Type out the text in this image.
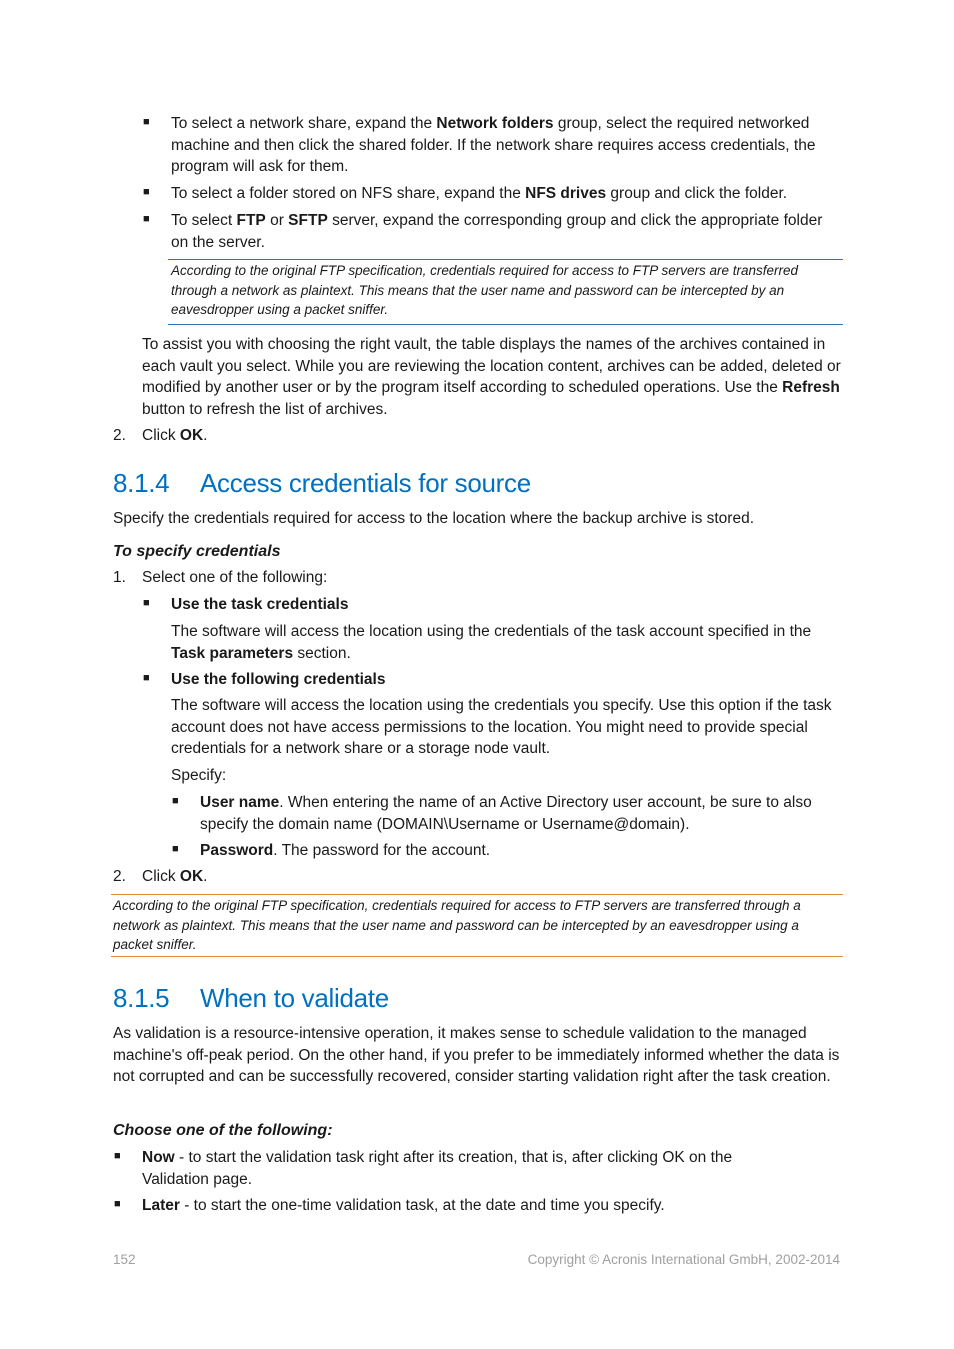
■ To select a network share, expand the Network folders group, select the required networked machine and then click the shared folder. If the network share requires access credentials, the program will ask for them.
■ To select a folder stored on NFS share, expand the NFS drives group and click the folder.
■ To select FTP or SFTP server, expand the corresponding group and click the appropriate folder on the server.
According to the original FTP specification, credentials required for access to FTP servers are transferred through a network as plaintext. This means that the user name and password can be intercepted by an eavesdropper using a packet sniffer.
To assist you with choosing the right vault, the table displays the names of the archives contained in each vault you select. While you are reviewing the location content, archives can be added, deleted or modified by another user or by the program itself according to scheduled operations. Use the Refresh button to refresh the list of archives.
2. Click OK.
8.1.4 Access credentials for source
Specify the credentials required for access to the location where the backup archive is stored.
To specify credentials
1. Select one of the following:
■ Use the task credentials
The software will access the location using the credentials of the task account specified in the Task parameters section.
■ Use the following credentials
The software will access the location using the credentials you specify. Use this option if the task account does not have access permissions to the location. You might need to provide special credentials for a network share or a storage node vault.
Specify:
■ User name. When entering the name of an Active Directory user account, be sure to also specify the domain name (DOMAIN\Username or Username@domain).
■ Password. The password for the account.
2. Click OK.
According to the original FTP specification, credentials required for access to FTP servers are transferred through a network as plaintext. This means that the user name and password can be intercepted by an eavesdropper using a packet sniffer.
8.1.5 When to validate
As validation is a resource-intensive operation, it makes sense to schedule validation to the managed machine's off-peak period. On the other hand, if you prefer to be immediately informed whether the data is not corrupted and can be successfully recovered, consider starting validation right after the task creation.
Choose one of the following:
■ Now - to start the validation task right after its creation, that is, after clicking OK on the Validation page.
■ Later - to start the one-time validation task, at the date and time you specify.
152	Copyright © Acronis International GmbH, 2002-2014
